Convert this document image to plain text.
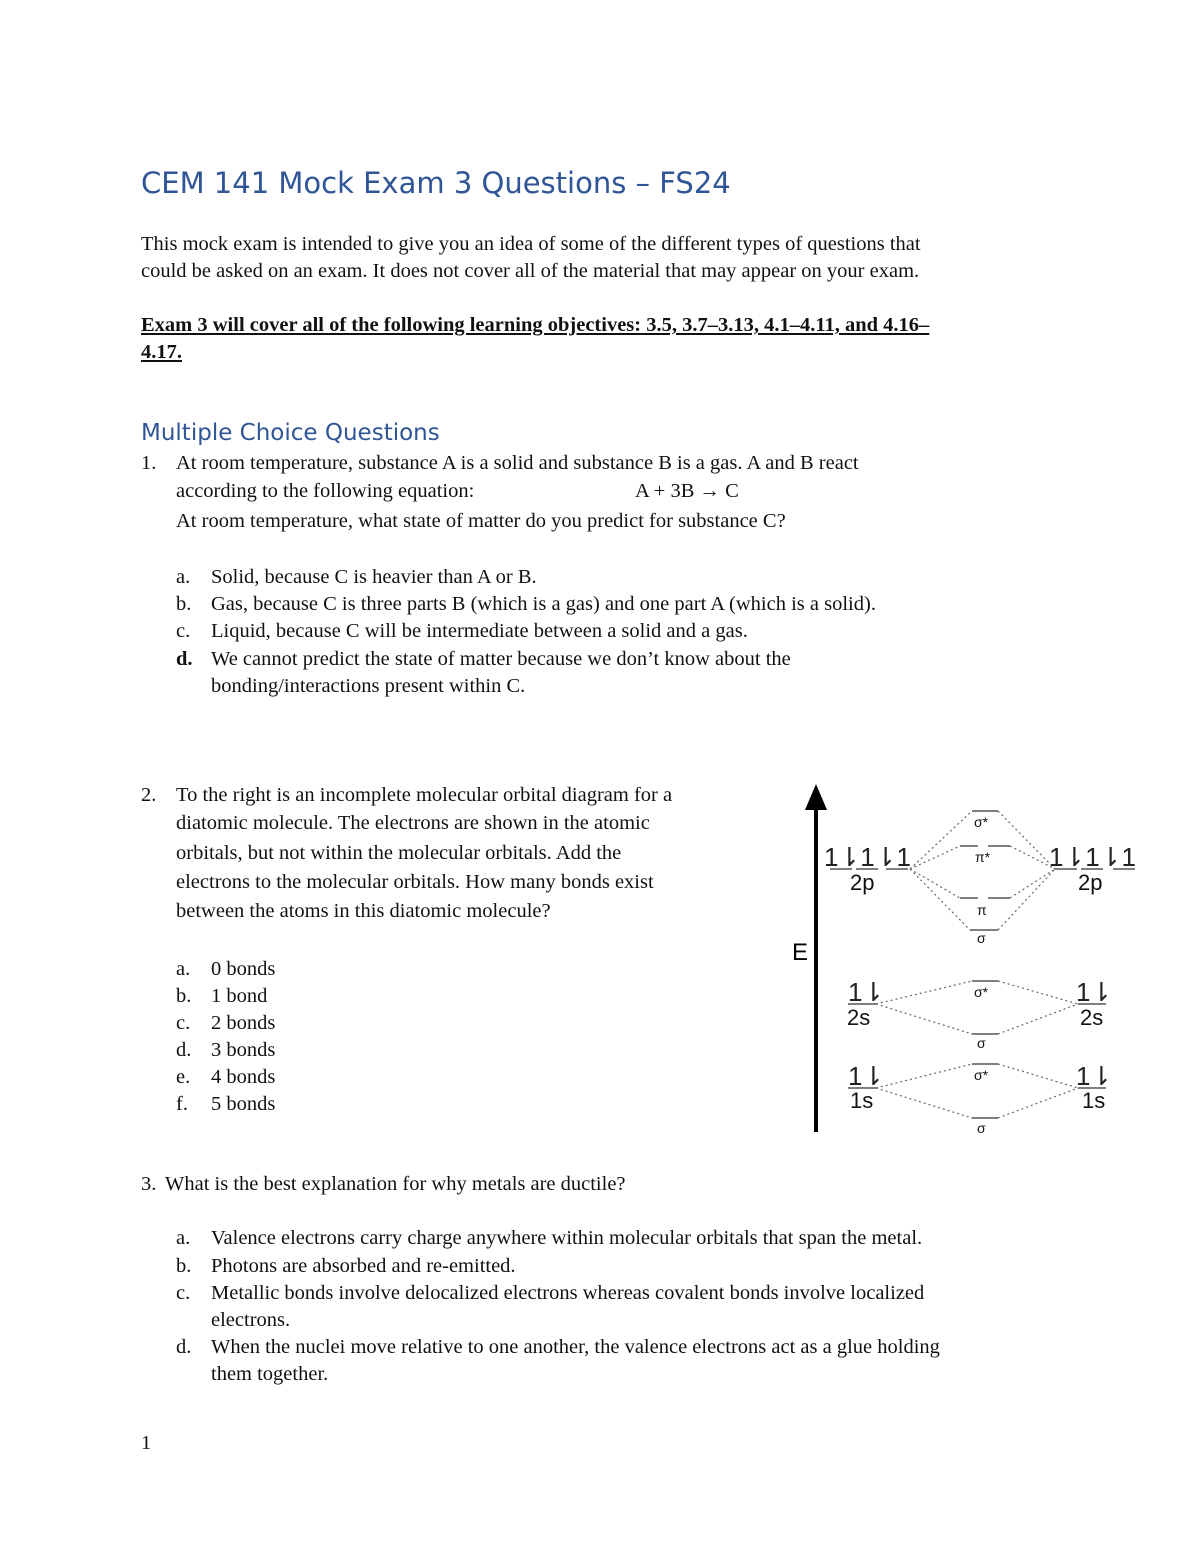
CEM 141 Mock Exam 3 Questions – FS24
This mock exam is intended to give you an idea of some of the different types of questions that
could be asked on an exam. It does not cover all of the material that may appear on your exam.
Exam 3 will cover all of the following learning objectives: 3.5, 3.7–3.13, 4.1–4.11, and 4.16–
4.17.
Multiple Choice Questions
1. At room temperature, substance A is a solid and substance B is a gas. A and B react
according to the following equation:	A + 3B → C
At room temperature, what state of matter do you predict for substance C?
a. Solid, because C is heavier than A or B.
b. Gas, because C is three parts B (which is a gas) and one part A (which is a solid).
c. Liquid, because C will be intermediate between a solid and a gas.
d. We cannot predict the state of matter because we don’t know about the
bonding/interactions present within C.
2. To the right is an incomplete molecular orbital diagram for a
diatomic molecule. The electrons are shown in the atomic
orbitals, but not within the molecular orbitals. Add the
electrons to the molecular orbitals. How many bonds exist
between the atoms in this diatomic molecule?
a. 0 bonds
b. 1 bond
c. 2 bonds
d. 3 bonds
e. 4 bonds
f. 5 bonds
E
1⇂1⇂1	1⇂1⇂1
1⇂	1⇂
1⇂	1⇂
2p	2p
2s	2s
1s	1s
σ*
π*
π
σ
σ*
σ
σ*
σ
3. What is the best explanation for why metals are ductile?
a. Valence electrons carry charge anywhere within molecular orbitals that span the metal.
b. Photons are absorbed and re-emitted.
c. Metallic bonds involve delocalized electrons whereas covalent bonds involve localized
electrons.
d. When the nuclei move relative to one another, the valence electrons act as a glue holding
them together.
1
